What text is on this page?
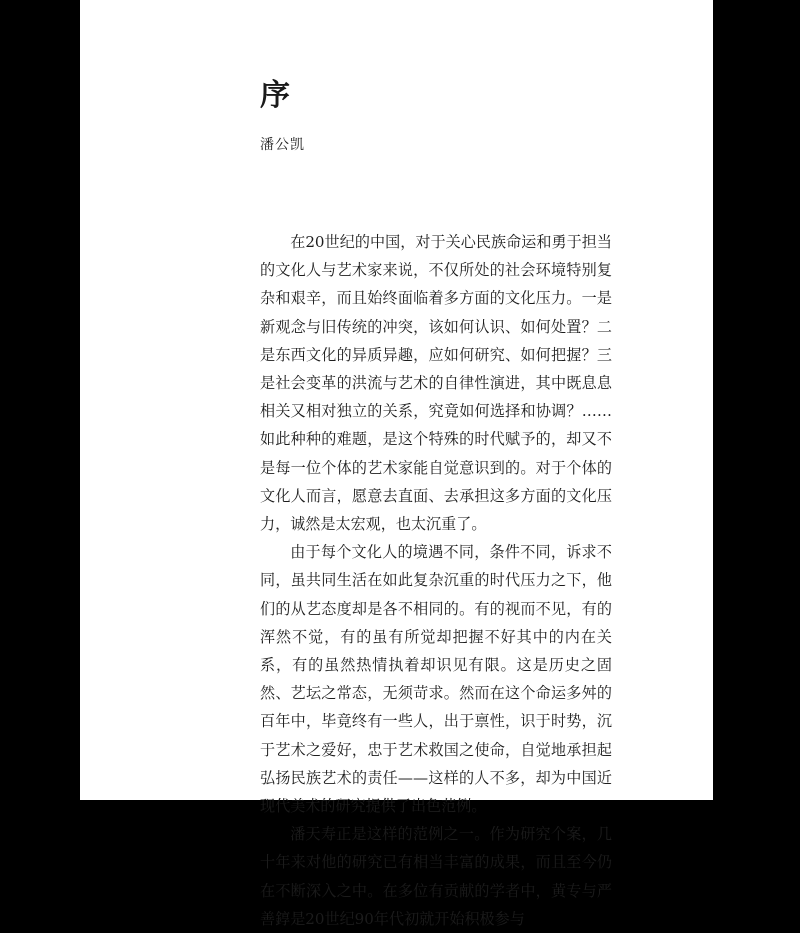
序
潘公凯

在20世纪的中国，对于关心民族命运和勇于担当的文化人与艺术家来说，不仅所处的社会环境特别复杂和艰辛，而且始终面临着多方面的文化压力。一是新观念与旧传统的冲突，该如何认识、如何处置？二是东西文化的异质异趣，应如何研究、如何把握？三是社会变革的洪流与艺术的自律性演进，其中既息息相关又相对独立的关系，究竟如何选择和协调？……如此种种的难题，是这个特殊的时代赋予的，却又不是每一位个体的艺术家能自觉意识到的。对于个体的文化人而言，愿意去直面、去承担这多方面的文化压力，诚然是太宏观，也太沉重了。

由于每个文化人的境遇不同，条件不同，诉求不同，虽共同生活在如此复杂沉重的时代压力之下，他们的从艺态度却是各不相同的。有的视而不见，有的浑然不觉，有的虽有所觉却把握不好其中的内在关系，有的虽然热情执着却识见有限。这是历史之固然、艺坛之常态，无须苛求。然而在这个命运多舛的百年中，毕竟终有一些人，出于禀性，识于时势，沉于艺术之爱好，忠于艺术救国之使命，自觉地承担起弘扬民族艺术的责任——这样的人不多，却为中国近现代美术的研究提供了出色范例。

潘天寿正是这样的范例之一。作为研究个案，几十年来对他的研究已有相当丰富的成果，而且至今仍在不断深入之中。在多位有贡献的学者中，黄专与严善錞是20世纪90年代初就开始积极参与
